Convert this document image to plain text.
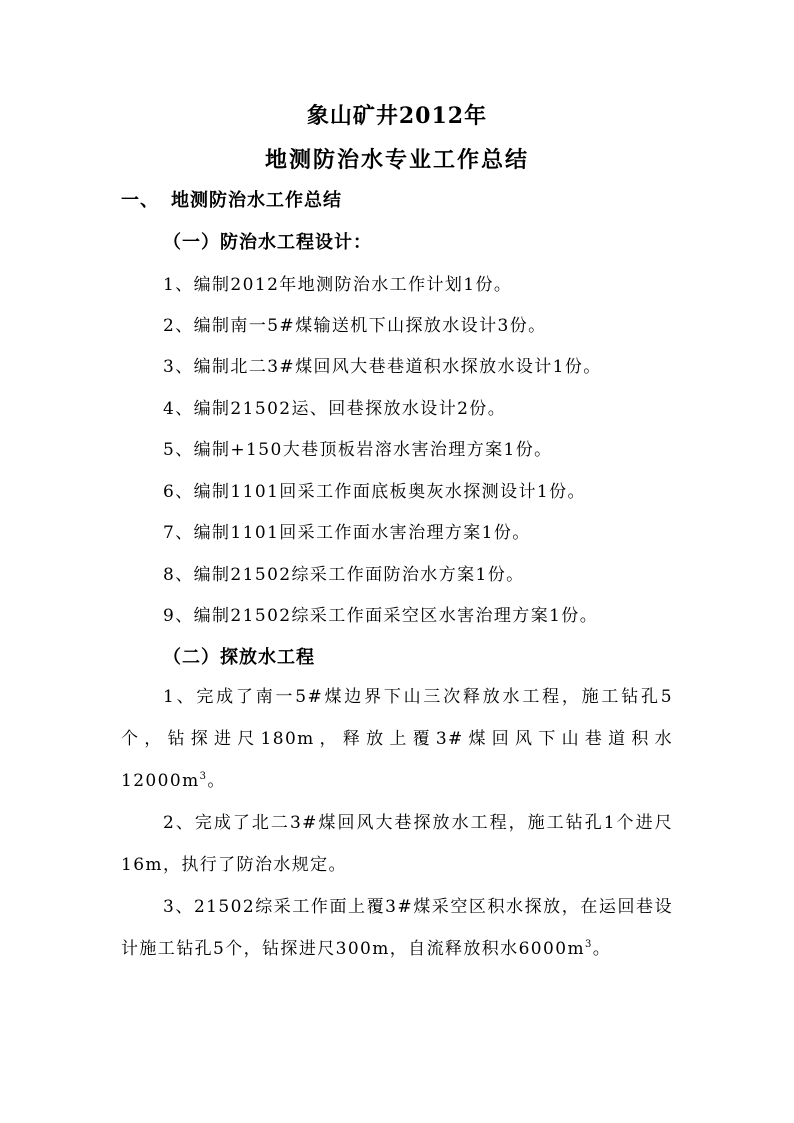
象山矿井2012年
地测防治水专业工作总结
一、 地测防治水工作总结
（一）防治水工程设计：
1、编制2012年地测防治水工作计划1份。
2、编制南一5#煤输送机下山探放水设计3份。
3、编制北二3#煤回风大巷巷道积水探放水设计1份。
4、编制21502运、回巷探放水设计2份。
5、编制+150大巷顶板岩溶水害治理方案1份。
6、编制1101回采工作面底板奥灰水探测设计1份。
7、编制1101回采工作面水害治理方案1份。
8、编制21502综采工作面防治水方案1份。
9、编制21502综采工作面采空区水害治理方案1份。
（二）探放水工程
1、完成了南一5#煤边界下山三次释放水工程，施工钻孔5个，钻探进尺180m，释放上覆3#煤回风下山巷道积水$12000m^3$。
2、完成了北二3#煤回风大巷探放水工程，施工钻孔1个进尺16m，执行了防治水规定。
3、21502综采工作面上覆3#煤采空区积水探放，在运回巷设计施工钻孔5个，钻探进尺300m，自流释放积水$6000m^3$。
